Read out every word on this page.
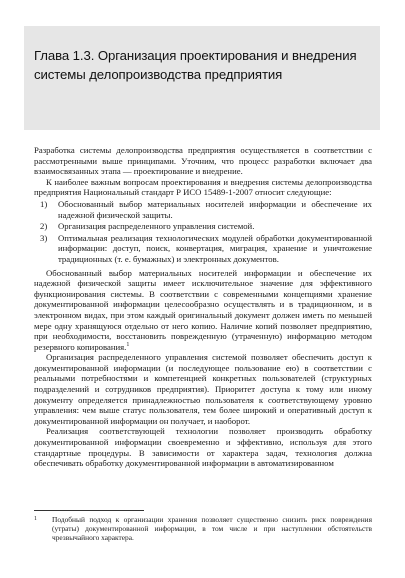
Глава 1.3. Организация проектирования и внедрения
системы делопроизводства предприятия

Разработка системы делопроизводства предприятия осуществляется в соответствии с рассмотренными выше принципами. Уточним, что процесс разработки включает два взаимосвязанных этапа — проектирование и внедрение.

К наиболее важным вопросам проектирования и внедрения системы делопроизводства предприятия Национальный стандарт Р ИСО 15489-1-2007 относит следующие:

1)	Обоснованный выбор материальных носителей информации и обеспечение их надежной физической защиты.
2)	Организация распределенного управления системой.
3)	Оптимальная реализация технологических модулей обработки документированной информации: доступ, поиск, конвертация, миграция, хранение и уничтожение традиционных (т. е. бумажных) и электронных документов.

Обоснованный выбор материальных носителей информации и обеспечение их надежной физической защиты имеет исключительное значение для эффективного функционирования системы. В соответствии с современными концепциями хранение документированной информации целесообразно осуществлять и в традиционном, и в электронном видах, при этом каждый оригинальный документ должен иметь по меньшей мере одну хранящуюся отдельно от него копию. Наличие копий позволяет предприятию, при необходимости, восстановить поврежденную (утраченную) информацию методом резервного копирования.$^1$

Организация распределенного управления системой позволяет обеспечить доступ к документированной информации (и последующее пользование ею) в соответствии с реальными потребностями и компетенцией конкретных пользователей (структурных подразделений и сотрудников предприятия). Приоритет доступа к тому или иному документу определяется принадлежностью пользователя к соответствующему уровню управления: чем выше статус пользователя, тем более широкий и оперативный доступ к документированной информации он получает, и наоборот.

Реализация соответствующей технологии позволяет производить обработку документированной информации своевременно и эффективно, используя для этого стандартные процедуры. В зависимости от характера задач, технология должна обеспечивать обработку документированной информации в автоматизированном

1	Подобный подход к организации хранения позволяет существенно снизить риск повреждения (утраты) документированной информации, в том числе и при наступлении обстоятельств чрезвычайного характера.
